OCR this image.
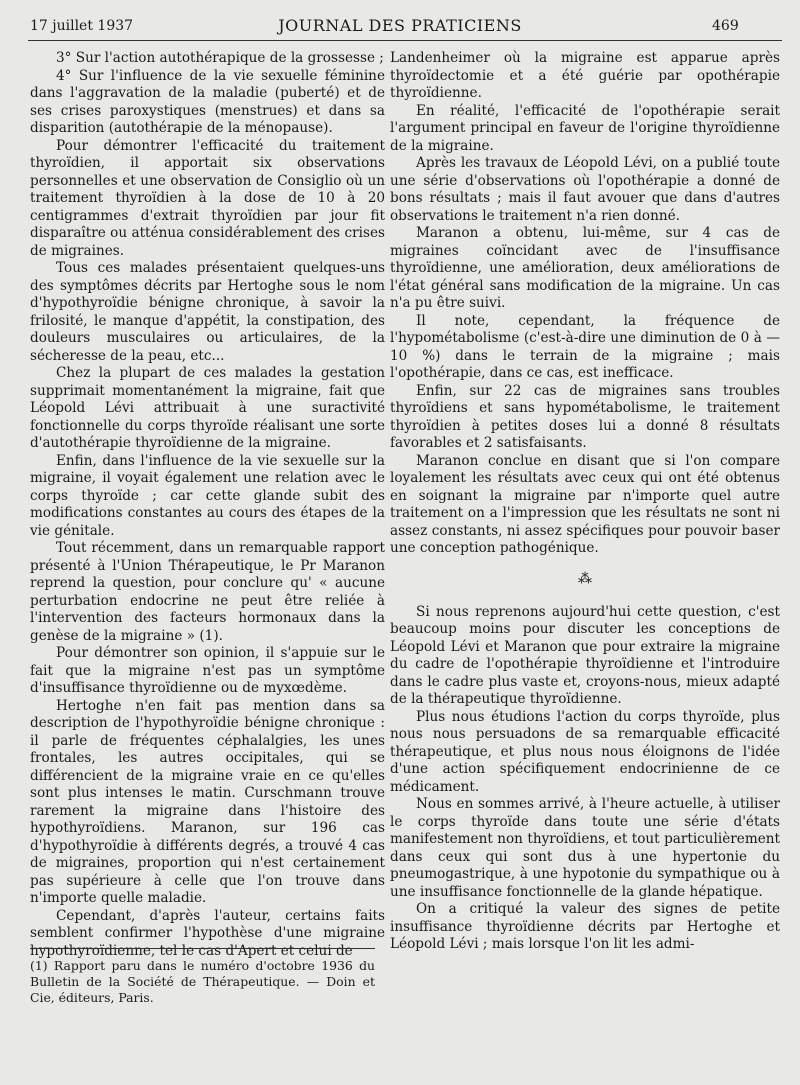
17 juillet 1937	JOURNAL DES PRATICIENS	469

3° Sur l'action autothérapique de la grossesse ;

4° Sur l'influence de la vie sexuelle féminine dans l'aggravation de la maladie (puberté) et de ses crises paroxystiques (menstrues) et dans sa disparition (autothérapie de la ménopause).

Pour démontrer l'efficacité du traitement thyroïdien, il apportait six observations personnelles et une observation de Consiglio où un traitement thyroïdien à la dose de 10 à 20 centigrammes d'extrait thyroïdien par jour fit disparaître ou atténua considérablement des crises de migraines.

Tous ces malades présentaient quelques-uns des symptômes décrits par Hertoghe sous le nom d'hypothyroïdie bénigne chronique, à savoir la frilosité, le manque d'appétit, la constipation, des douleurs musculaires ou articulaires, de la sécheresse de la peau, etc...

Chez la plupart de ces malades la gestation supprimait momentanément la migraine, fait que Léopold Lévi attribuait à une suractivité fonctionnelle du corps thyroïde réalisant une sorte d'autothérapie thyroïdienne de la migraine.

Enfin, dans l'influence de la vie sexuelle sur la migraine, il voyait également une relation avec le corps thyroïde ; car cette glande subit des modifications constantes au cours des étapes de la vie génitale.

Tout récemment, dans un remarquable rapport présenté à l'Union Thérapeutique, le Pr Maranon reprend la question, pour conclure qu' « aucune perturbation endocrine ne peut être reliée à l'intervention des facteurs hormonaux dans la genèse de la migraine » (1).

Pour démontrer son opinion, il s'appuie sur le fait que la migraine n'est pas un symptôme d'insuffisance thyroïdienne ou de myxœdème.

Hertoghe n'en fait pas mention dans sa description de l'hypothyroïdie bénigne chronique : il parle de fréquentes céphalalgies, les unes frontales, les autres occipitales, qui se différencient de la migraine vraie en ce qu'elles sont plus intenses le matin. Curschmann trouve rarement la migraine dans l'histoire des hypothyroïdiens. Maranon, sur 196 cas d'hypothyroïdie à différents degrés, a trouvé 4 cas de migraines, proportion qui n'est certainement pas supérieure à celle que l'on trouve dans n'importe quelle maladie.

Cependant, d'après l'auteur, certains faits semblent confirmer l'hypothèse d'une migraine hypothyroïdienne, tel le cas d'Apert et celui de

Landenheimer où la migraine est apparue après thyroïdectomie et a été guérie par opothérapie thyroïdienne.

En réalité, l'efficacité de l'opothérapie serait l'argument principal en faveur de l'origine thyroïdienne de la migraine.

Après les travaux de Léopold Lévi, on a publié toute une série d'observations où l'opothérapie a donné de bons résultats ; mais il faut avouer que dans d'autres observations le traitement n'a rien donné.

Maranon a obtenu, lui-même, sur 4 cas de migraines coïncidant avec de l'insuffisance thyroïdienne, une amélioration, deux améliorations de l'état général sans modification de la migraine. Un cas n'a pu être suivi.

Il note, cependant, la fréquence de l'hypométabolisme (c'est-à-dire une diminution de 0 à — 10 %) dans le terrain de la migraine ; mais l'opothérapie, dans ce cas, est inefficace.

Enfin, sur 22 cas de migraines sans troubles thyroïdiens et sans hypométabolisme, le traitement thyroïdien à petites doses lui a donné 8 résultats favorables et 2 satisfaisants.

Maranon conclue en disant que si l'on compare loyalement les résultats avec ceux qui ont été obtenus en soignant la migraine par n'importe quel autre traitement on a l'impression que les résultats ne sont ni assez constants, ni assez spécifiques pour pouvoir baser une conception pathogénique.

⁂

Si nous reprenons aujourd'hui cette question, c'est beaucoup moins pour discuter les conceptions de Léopold Lévi et Maranon que pour extraire la migraine du cadre de l'opothérapie thyroïdienne et l'introduire dans le cadre plus vaste et, croyons-nous, mieux adapté de la thérapeutique thyroïdienne.

Plus nous étudions l'action du corps thyroïde, plus nous nous persuadons de sa remarquable efficacité thérapeutique, et plus nous nous éloignons de l'idée d'une action spécifiquement endocrinienne de ce médicament.

Nous en sommes arrivé, à l'heure actuelle, à utiliser le corps thyroïde dans toute une série d'états manifestement non thyroïdiens, et tout particulièrement dans ceux qui sont dus à une hypertonie du pneumogastrique, à une hypotonie du sympathique ou à une insuffisance fonctionnelle de la glande hépatique.

On a critiqué la valeur des signes de petite insuffisance thyroïdienne décrits par Hertoghe et Léopold Lévi ; mais lorsque l'on lit les admi-

(1) Rapport paru dans le numéro d'octobre 1936 du Bulletin de la Société de Thérapeutique. — Doin et Cie, éditeurs, Paris.
